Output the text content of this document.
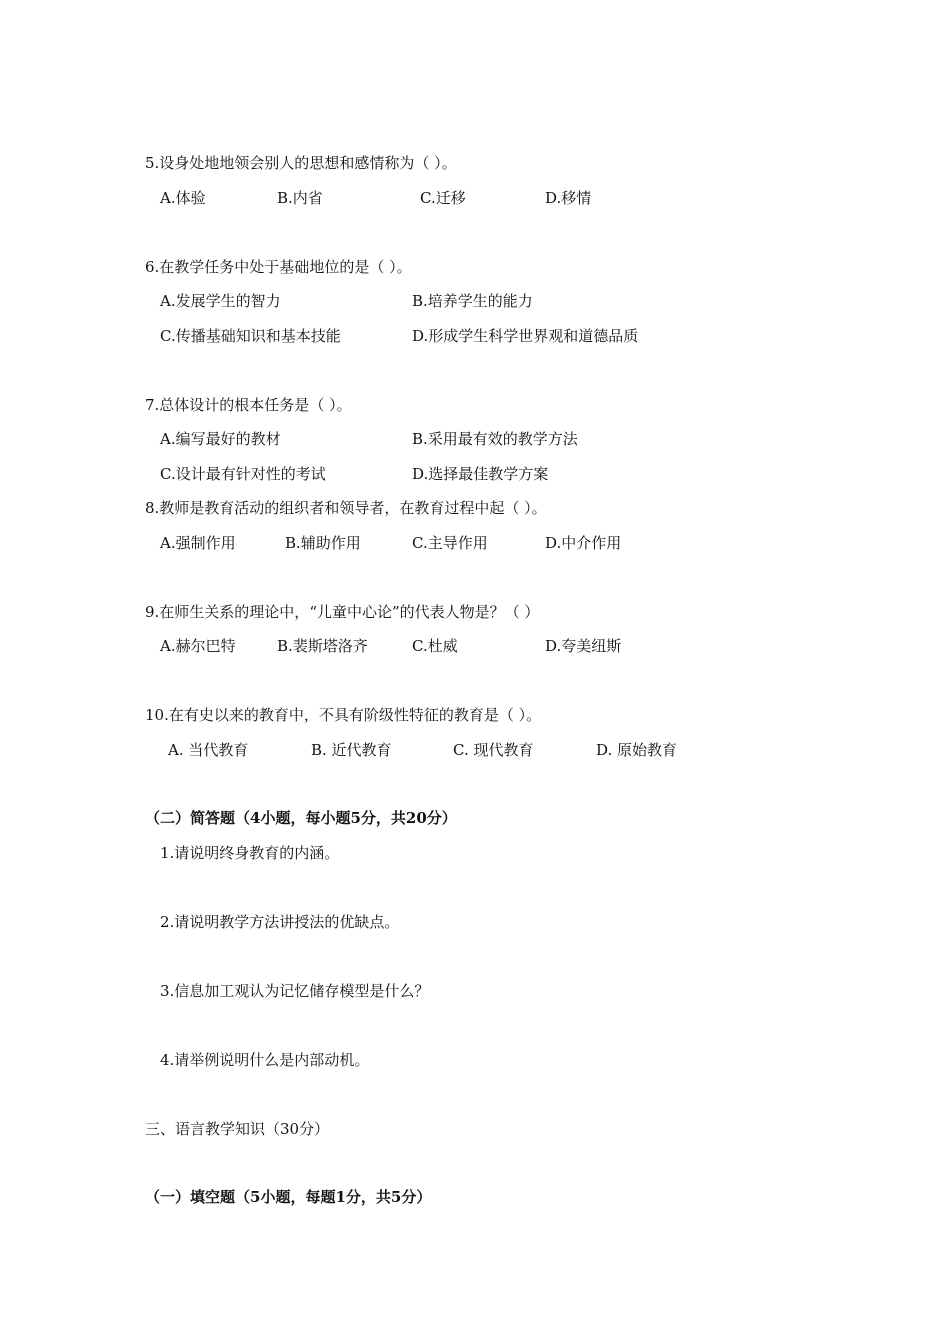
5.设身处地地领会别人的思想和感情称为（ ）。
A.体验	B.内省	C.迁移	D.移情
6.在教学任务中处于基础地位的是（ ）。
A.发展学生的智力	B.培养学生的能力
C.传播基础知识和基本技能	D.形成学生科学世界观和道德品质
7.总体设计的根本任务是（ ）。
A.编写最好的教材	B.采用最有效的教学方法
C.设计最有针对性的考试	D.选择最佳教学方案
8.教师是教育活动的组织者和领导者，在教育过程中起（ ）。
A.强制作用	B.辅助作用	C.主导作用	D.中介作用
9.在师生关系的理论中，“儿童中心论”的代表人物是？（ ）
A.赫尔巴特	B.裴斯塔洛齐	C.杜威	D.夸美纽斯
10.在有史以来的教育中，不具有阶级性特征的教育是（ ）。
A. 当代教育	B. 近代教育	C. 现代教育	D. 原始教育
（二）简答题（4小题，每小题5分，共20分）
1.请说明终身教育的内涵。
2.请说明教学方法讲授法的优缺点。
3.信息加工观认为记忆储存模型是什么？
4.请举例说明什么是内部动机。
三、语言教学知识（30分）
（一）填空题（5小题，每题1分，共5分）
